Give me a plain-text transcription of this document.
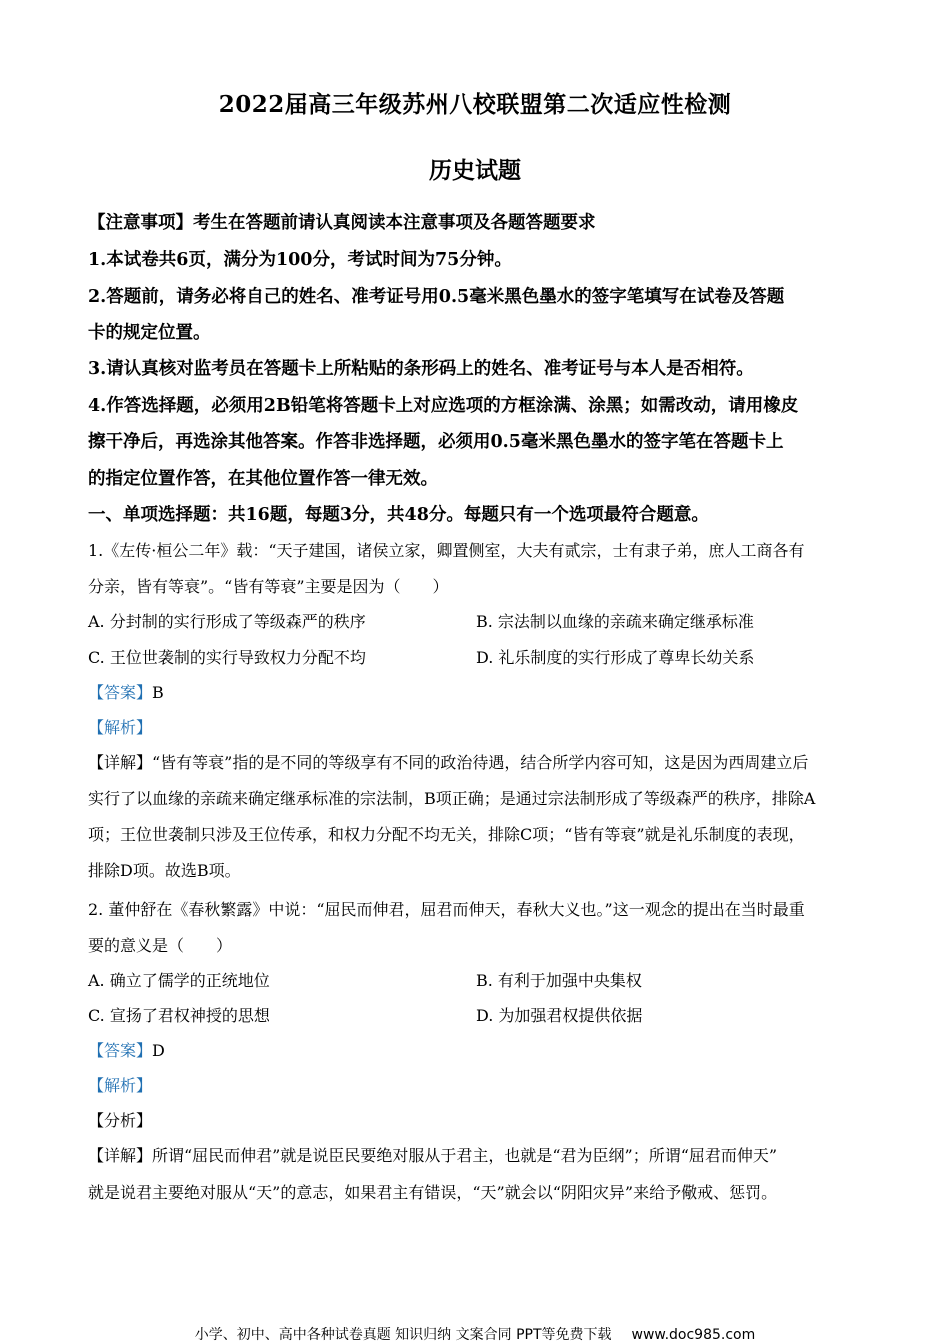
2022届高三年级苏州八校联盟第二次适应性检测
历史试题
【注意事项】考生在答题前请认真阅读本注意事项及各题答题要求
1.本试卷共6页，满分为100分，考试时间为75分钟。
2.答题前，请务必将自己的姓名、准考证号用0.5毫米黑色墨水的签字笔填写在试卷及答题
卡的规定位置。
3.请认真核对监考员在答题卡上所粘贴的条形码上的姓名、准考证号与本人是否相符。
4.作答选择题，必须用2B铅笔将答题卡上对应选项的方框涂满、涂黑；如需改动，请用橡皮
擦干净后，再选涂其他答案。作答非选择题，必须用0.5毫米黑色墨水的签字笔在答题卡上
的指定位置作答，在其他位置作答一律无效。
一、单项选择题：共16题，每题3分，共48分。每题只有一个选项最符合题意。
1.《左传·桓公二年》载：“天子建国，诸侯立家，卿置侧室，大夫有贰宗，士有隶子弟，庶人工商各有
分亲，皆有等衰”。“皆有等衰”主要是因为（　　）
A. 分封制的实行形成了等级森严的秩序	B. 宗法制以血缘的亲疏来确定继承标准
C. 王位世袭制的实行导致权力分配不均	D. 礼乐制度的实行形成了尊卑长幼关系
【答案】B
【解析】
【详解】“皆有等衰”指的是不同的等级享有不同的政治待遇，结合所学内容可知，这是因为西周建立后
实行了以血缘的亲疏来确定继承标准的宗法制，B项正确；是通过宗法制形成了等级森严的秩序，排除A
项；王位世袭制只涉及王位传承，和权力分配不均无关，排除C项；“皆有等衰”就是礼乐制度的表现，
排除D项。故选B项。
2. 董仲舒在《春秋繁露》中说：“屈民而伸君，屈君而伸天，春秋大义也。”这一观念的提出在当时最重
要的意义是（　　）
A. 确立了儒学的正统地位	B. 有利于加强中央集权
C. 宣扬了君权神授的思想	D. 为加强君权提供依据
【答案】D
【解析】
【分析】
【详解】所谓“屈民而伸君”就是说臣民要绝对服从于君主，也就是“君为臣纲”；所谓“屈君而伸天”
就是说君主要绝对服从“天”的意志，如果君主有错误，“天”就会以“阴阳灾异”来给予儆戒、惩罚。
小学、初中、高中各种试卷真题 知识归纳 文案合同 PPT等免费下载 www.doc985.com
